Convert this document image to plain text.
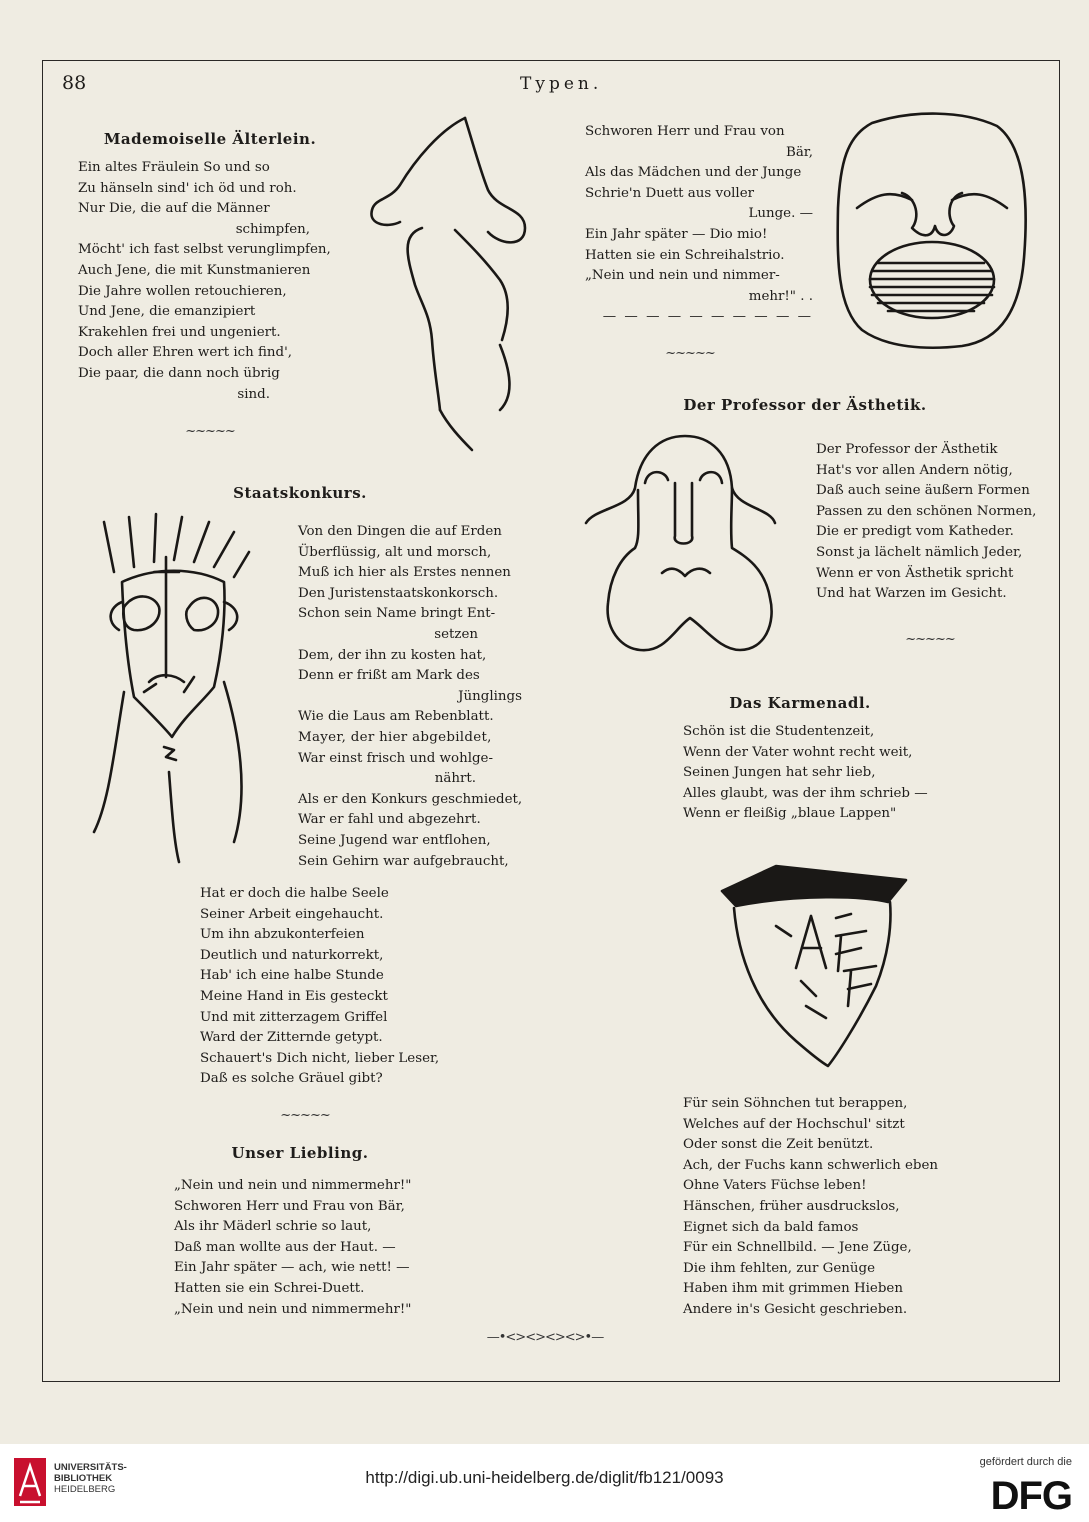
88	Typen.
Mademoiselle Älterlein.
Ein altes Fräulein So und so
Zu hänseln sind' ich öd und roh.
Nur Die, die auf die Männer
schimpfen,
Möcht' ich fast selbst verunglimpfen,
Auch Jene, die mit Kunstmanieren
Die Jahre wollen retouchieren,
Und Jene, die emanzipiert
Krakehlen frei und ungeniert.
Doch aller Ehren wert ich find',
Die paar, die dann noch übrig
sind.
~~~~~
Schworen Herr und Frau von
Bär,
Als das Mädchen und der Junge
Schrie'n Duett aus voller
Lunge. —
Ein Jahr später — Dio mio!
Hatten sie ein Schreihalstrio.
„Nein und nein und nimmer-
mehr!" . .
— — — — — — — — — —
~~~~~
Staatskonkurs.
Von den Dingen die auf Erden
Überflüssig, alt und morsch,
Muß ich hier als Erstes nennen
Den Juristenstaatskonkorsch.
Schon sein Name bringt Ent-
setzen
Dem, der ihn zu kosten hat,
Denn er frißt am Mark des
Jünglings
Wie die Laus am Rebenblatt.
Mayer, der hier abgebildet,
War einst frisch und wohlge-
nährt.
Als er den Konkurs geschmiedet,
War er fahl und abgezehrt.
Seine Jugend war entflohen,
Sein Gehirn war aufgebraucht,
Hat er doch die halbe Seele
Seiner Arbeit eingehaucht.
Um ihn abzukonterfeien
Deutlich und naturkorrekt,
Hab' ich eine halbe Stunde
Meine Hand in Eis gesteckt
Und mit zitterzagem Griffel
Ward der Zitternde getypt.
Schauert's Dich nicht, lieber Leser,
Daß es solche Gräuel gibt?
~~~~~
Unser Liebling.
„Nein und nein und nimmermehr!"
Schworen Herr und Frau von Bär,
Als ihr Mäderl schrie so laut,
Daß man wollte aus der Haut. —
Ein Jahr später — ach, wie nett! —
Hatten sie ein Schrei-Duett.
„Nein und nein und nimmermehr!"
Der Professor der Ästhetik.
Der Professor der Ästhetik
Hat's vor allen Andern nötig,
Daß auch seine äußern Formen
Passen zu den schönen Normen,
Die er predigt vom Katheder.
Sonst ja lächelt nämlich Jeder,
Wenn er von Ästhetik spricht
Und hat Warzen im Gesicht.
~~~~~
Das Karmenadl.
Schön ist die Studentenzeit,
Wenn der Vater wohnt recht weit,
Seinen Jungen hat sehr lieb,
Alles glaubt, was der ihm schrieb —
Wenn er fleißig „blaue Lappen"
Für sein Söhnchen tut berappen,
Welches auf der Hochschul' sitzt
Oder sonst die Zeit benützt.
Ach, der Fuchs kann schwerlich eben
Ohne Vaters Füchse leben!
Hänschen, früher ausdruckslos,
Eignet sich da bald famos
Für ein Schnellbild. — Jene Züge,
Die ihm fehlten, zur Genüge
Haben ihm mit grimmen Hieben
Andere in's Gesicht geschrieben.
—•<><><><>•—
UNIVERSITÄTS-
BIBLIOTHEK
HEIDELBERG
http://digi.ub.uni-heidelberg.de/diglit/fb121/0093
gefördert durch die
DFG
